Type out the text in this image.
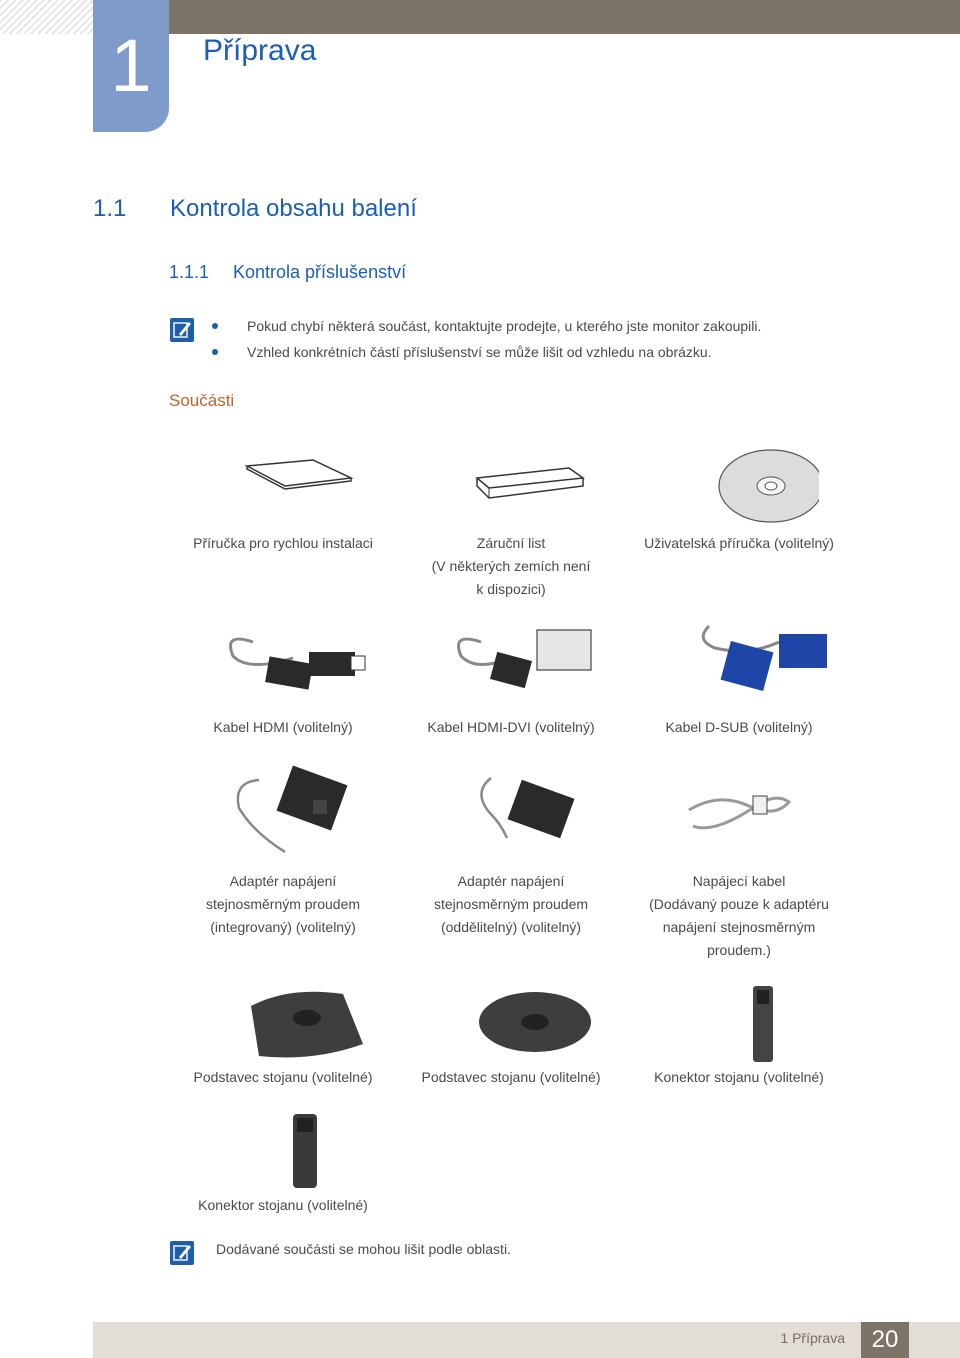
1	Příprava
1.1 Kontrola obsahu balení
1.1.1 Kontrola příslušenství
Pokud chybí některá součást, kontaktujte prodejte, u kterého jste monitor zakoupili.
Vzhled konkrétních částí příslušenství se může lišit od vzhledu na obrázku.
Součásti
Příručka pro rychlou instalaci	Záruční list
(V některých zemích není
k dispozici)
Uživatelská příručka (volitelný)
Kabel HDMI (volitelný)	Kabel HDMI-DVI (volitelný)	Kabel D-SUB (volitelný)
Adaptér napájení
stejnosměrným proudem
(integrovaný) (volitelný)
Adaptér napájení
stejnosměrným proudem
(oddělitelný) (volitelný)
Napájecí kabel
(Dodávaný pouze k adaptéru
napájení stejnosměrným
proudem.)
Podstavec stojanu (volitelné)	Podstavec stojanu (volitelné)	Konektor stojanu (volitelné)
Konektor stojanu (volitelné)
Dodávané součásti se mohou lišit podle oblasti.
1 Příprava	20
